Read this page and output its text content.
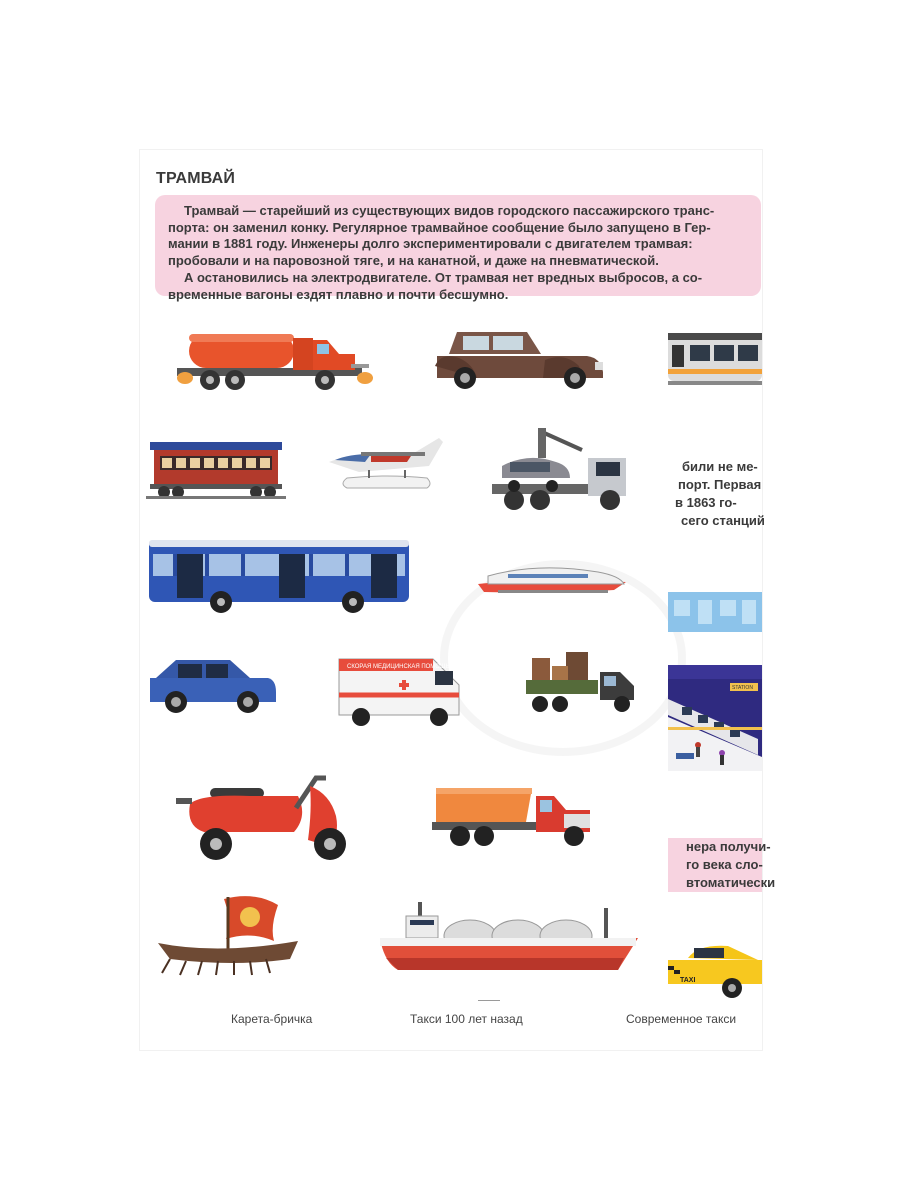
ТРАМВАЙ

Трамвай — старейший из существующих видов городского пассажирского транс-

порта: он заменил конку. Регулярное трамвайное сообщение было запущено в Гер-
мании в 1881 году. Инженеры долго экспериментировали с двигателем трамвая:
пробовали и на паровозной тяге, и на канатной, и даже на пневматической.

А остановились на электродвигателе. От трамвая нет вредных выбросов, а со-

временные вагоны ездят плавно и почти бесшумно.
били не ме-
порт. Первая
в 1863 го-
сего станций
СКОРАЯ МЕДИЦИНСКАЯ ПОМОЩЬ
STATION
нера получи-
го века сло-
втоматически
TAXI
Карета-бричка	Такси 100 лет назад	Современное такси
